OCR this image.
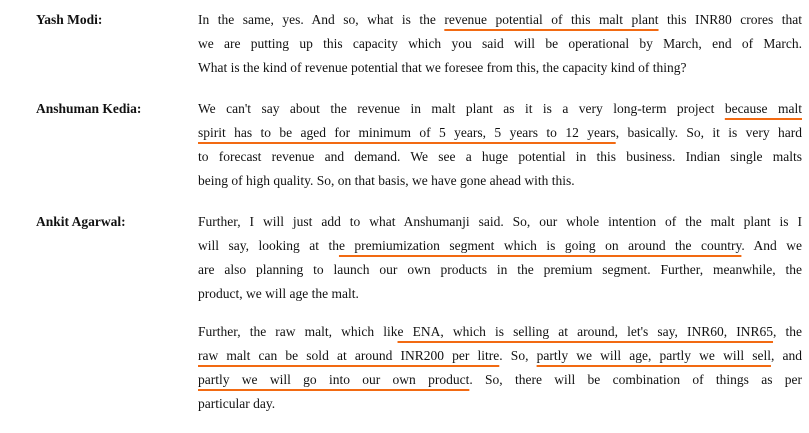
Yash Modi:	In the same, yes. And so, what is the revenue potential of this malt plant this INR80 crores that
we are putting up this capacity which you said will be operational by March, end of March.
What is the kind of revenue potential that we foresee from this, the capacity kind of thing?
Anshuman Kedia:	We can't say about the revenue in malt plant as it is a very long-term project because malt
spirit has to be aged for minimum of 5 years, 5 years to 12 years, basically. So, it is very hard
to forecast revenue and demand. We see a huge potential in this business. Indian single malts
being of high quality. So, on that basis, we have gone ahead with this.
Ankit Agarwal:	Further, I will just add to what Anshumanji said. So, our whole intention of the malt plant is I
will say, looking at the premiumization segment which is going on around the country. And we
are also planning to launch our own products in the premium segment. Further, meanwhile, the
product, we will age the malt.
Further, the raw malt, which like ENA, which is selling at around, let's say, INR60, INR65, the
raw malt can be sold at around INR200 per litre. So, partly we will age, partly we will sell, and
partly we will go into our own product. So, there will be combination of things as per
particular day.
